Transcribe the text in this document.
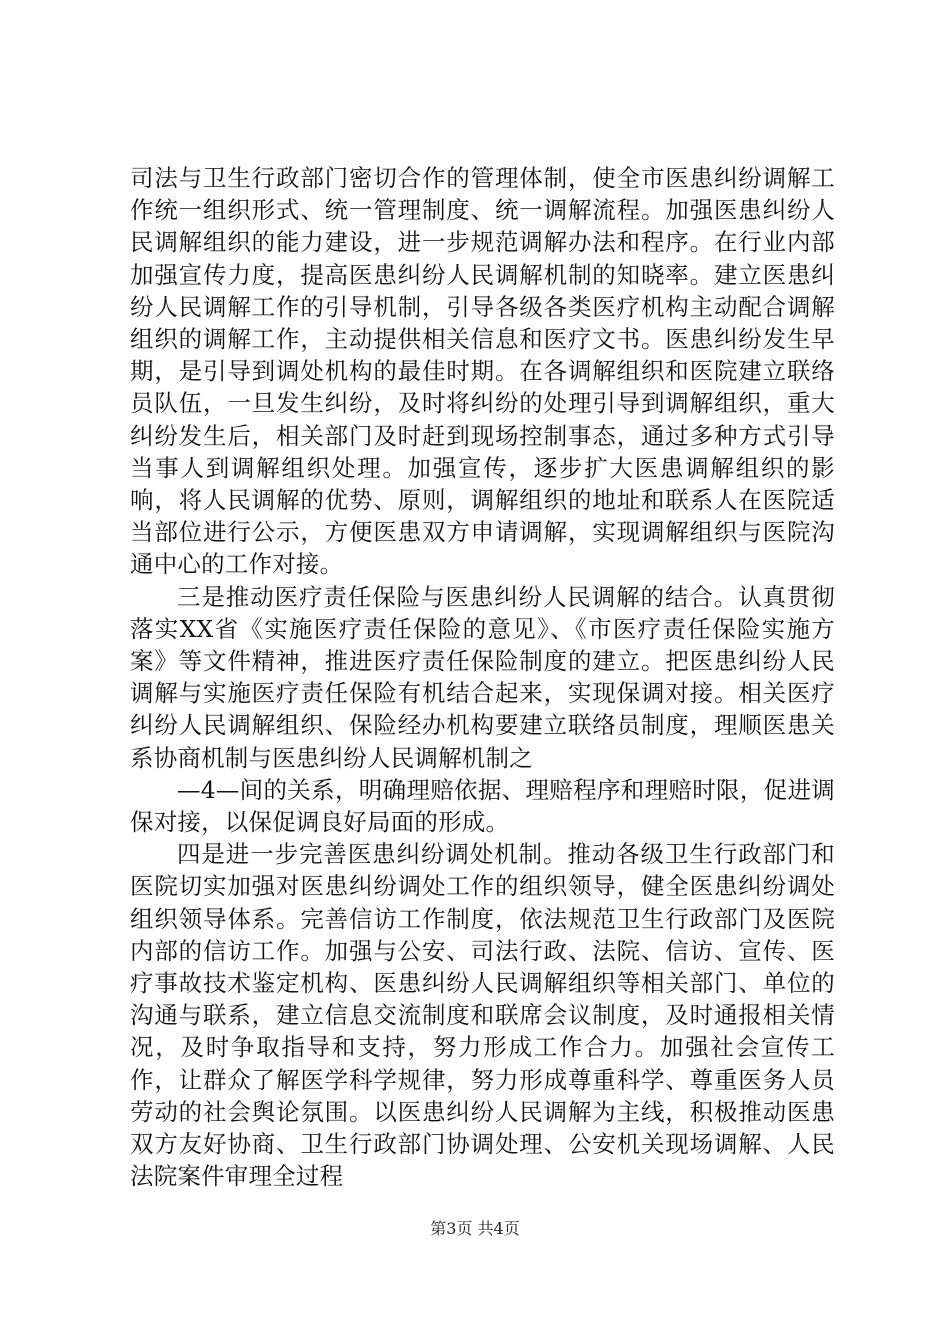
司法与卫生行政部门密切合作的管理体制，使全市医患纠纷调解工作统一组织形式、统一管理制度、统一调解流程。加强医患纠纷人民调解组织的能力建设，进一步规范调解办法和程序。在行业内部加强宣传力度，提高医患纠纷人民调解机制的知晓率。建立医患纠纷人民调解工作的引导机制，引导各级各类医疗机构主动配合调解组织的调解工作，主动提供相关信息和医疗文书。医患纠纷发生早期，是引导到调处机构的最佳时期。在各调解组织和医院建立联络员队伍，一旦发生纠纷，及时将纠纷的处理引导到调解组织，重大纠纷发生后，相关部门及时赶到现场控制事态，通过多种方式引导当事人到调解组织处理。加强宣传，逐步扩大医患调解组织的影响，将人民调解的优势、原则，调解组织的地址和联系人在医院适当部位进行公示，方便医患双方申请调解，实现调解组织与医院沟通中心的工作对接。

三是推动医疗责任保险与医患纠纷人民调解的结合。认真贯彻落实XX省《实施医疗责任保险的意见》、《市医疗责任保险实施方案》等文件精神，推进医疗责任保险制度的建立。把医患纠纷人民调解与实施医疗责任保险有机结合起来，实现保调对接。相关医疗纠纷人民调解组织、保险经办机构要建立联络员制度，理顺医患关系协商机制与医患纠纷人民调解机制之

—4—间的关系，明确理赔依据、理赔程序和理赔时限，促进调保对接，以保促调良好局面的形成。

四是进一步完善医患纠纷调处机制。推动各级卫生行政部门和医院切实加强对医患纠纷调处工作的组织领导，健全医患纠纷调处组织领导体系。完善信访工作制度，依法规范卫生行政部门及医院内部的信访工作。加强与公安、司法行政、法院、信访、宣传、医疗事故技术鉴定机构、医患纠纷人民调解组织等相关部门、单位的沟通与联系，建立信息交流制度和联席会议制度，及时通报相关情况，及时争取指导和支持，努力形成工作合力。加强社会宣传工作，让群众了解医学科学规律，努力形成尊重科学、尊重医务人员劳动的社会舆论氛围。以医患纠纷人民调解为主线，积极推动医患双方友好协商、卫生行政部门协调处理、公安机关现场调解、人民法院案件审理全过程

第3页 共4页
